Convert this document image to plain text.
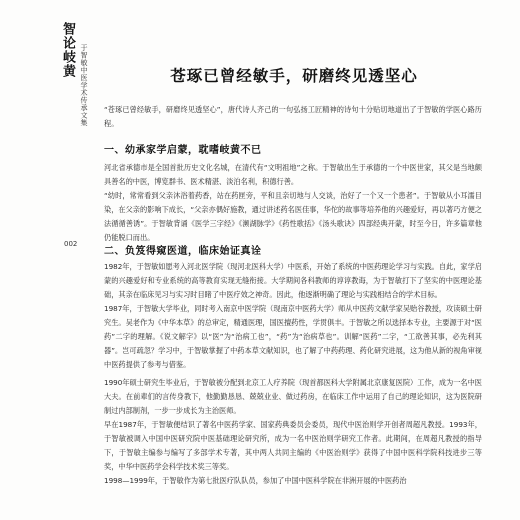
智论岐黄 于智敏中医学术传承文集
002
苍琢已曾经敏手，研磨终见透坚心

“苍琢已曾经敏手，研磨终见透坚心”，唐代诗人齐己的一句弘扬工匠精神的诗句十分贴切地道出了于智敏的学医心路历程。

一、幼承家学启蒙，耽嗜岐黄不已

河北省承德市是全国首批历史文化名城，在清代有“文明祖地”之称。于智敏出生于承德的一个中医世家，其父是当地颇具善名的中医，博览群书、医术精湛、淡泊名利，积德行善。

“幼时，常常看到父亲沐浴着药香，站在药匣旁，平和且亲切地与人交谈，治好了一个又一个患者”。于智敏从小耳濡目染，在父亲的影响下成长，“父亲亦偶好施教，通过讲述药名医佳事，华佗的故事等培养他的兴趣爱好，再以著巧方便之法循循善诱”。于智敏背诵《医学三字经》《濒湖脉学》《药性歌括》《汤头歌诀》四部经典开蒙，时至今日，许多篇章他仍能脱口而出。

二、负笈得窥医道，临床始证真诠

1982年，于智敏如愿考入河北医学院（现河北医科大学）中医系，开始了系统的中医药理论学习与实践。自此，家学启蒙的兴趣爱好和专业系统的高等教育实现无缝衔接。大学期间各科教师的谆谆教诲，为于智敏打下了坚实的中医理论基础，其亲在临床见习与实习时目睹了中医疗效之神奇。因此，他逐渐明确了理论与实践相结合的学术目标。

1987年，于智敏大学毕业，同时考入南京中医学院（现南京中医药大学）师从中医药文献学家吴贻谷教授，攻读硕士研究生。吴老作为《中华本草》的总审定，精通医理，国医擅药性，学贯俱丰。于智敏之所以选择本专业，主要源于对“医药”二字的理解。《说文解字》以“医”为“治病工也”，“药”为“治病草也”。训解“医药”二字，“工欲善其事，必先利其器”。岂可疏忽？学习中，于智敏掌握了中药本草文献知识，也了解了中药药理、药化研究进展，这为他从新的视角审视中医药提供了参考与借鉴。

1990年硕士研究生毕业后，于智敏被分配到北京工人疗养院（现首都医科大学附属北京康复医院）工作，成为一名中医大夫。在前辈们的言传身教下，他勤勤恳恳、兢兢业业、做过药房，在临床工作中运用了自己的理论知识，这为医院研制过内部制剂，一步一步成长为主治医师。

早在1987年，于智敏便结识了著名中医药学家、国家药典委员会委员，现代中医治则学开创者周超凡教授。1993年，于智敏被调入中国中医研究院中医基础理论研究所，成为一名中医治则学研究工作者。此期间，在周超凡教授的指导下，于智敏主编参与编写了多部学术专著，其中两人共同主编的《中医治则学》获得了中国中医科学院科技进步三等奖，中华中医药学会科学技术奖三等奖。

1998—1999年，于智敏作为第七批医疗队队员，参加了中国中医科学院在非洲开展的中医药治
